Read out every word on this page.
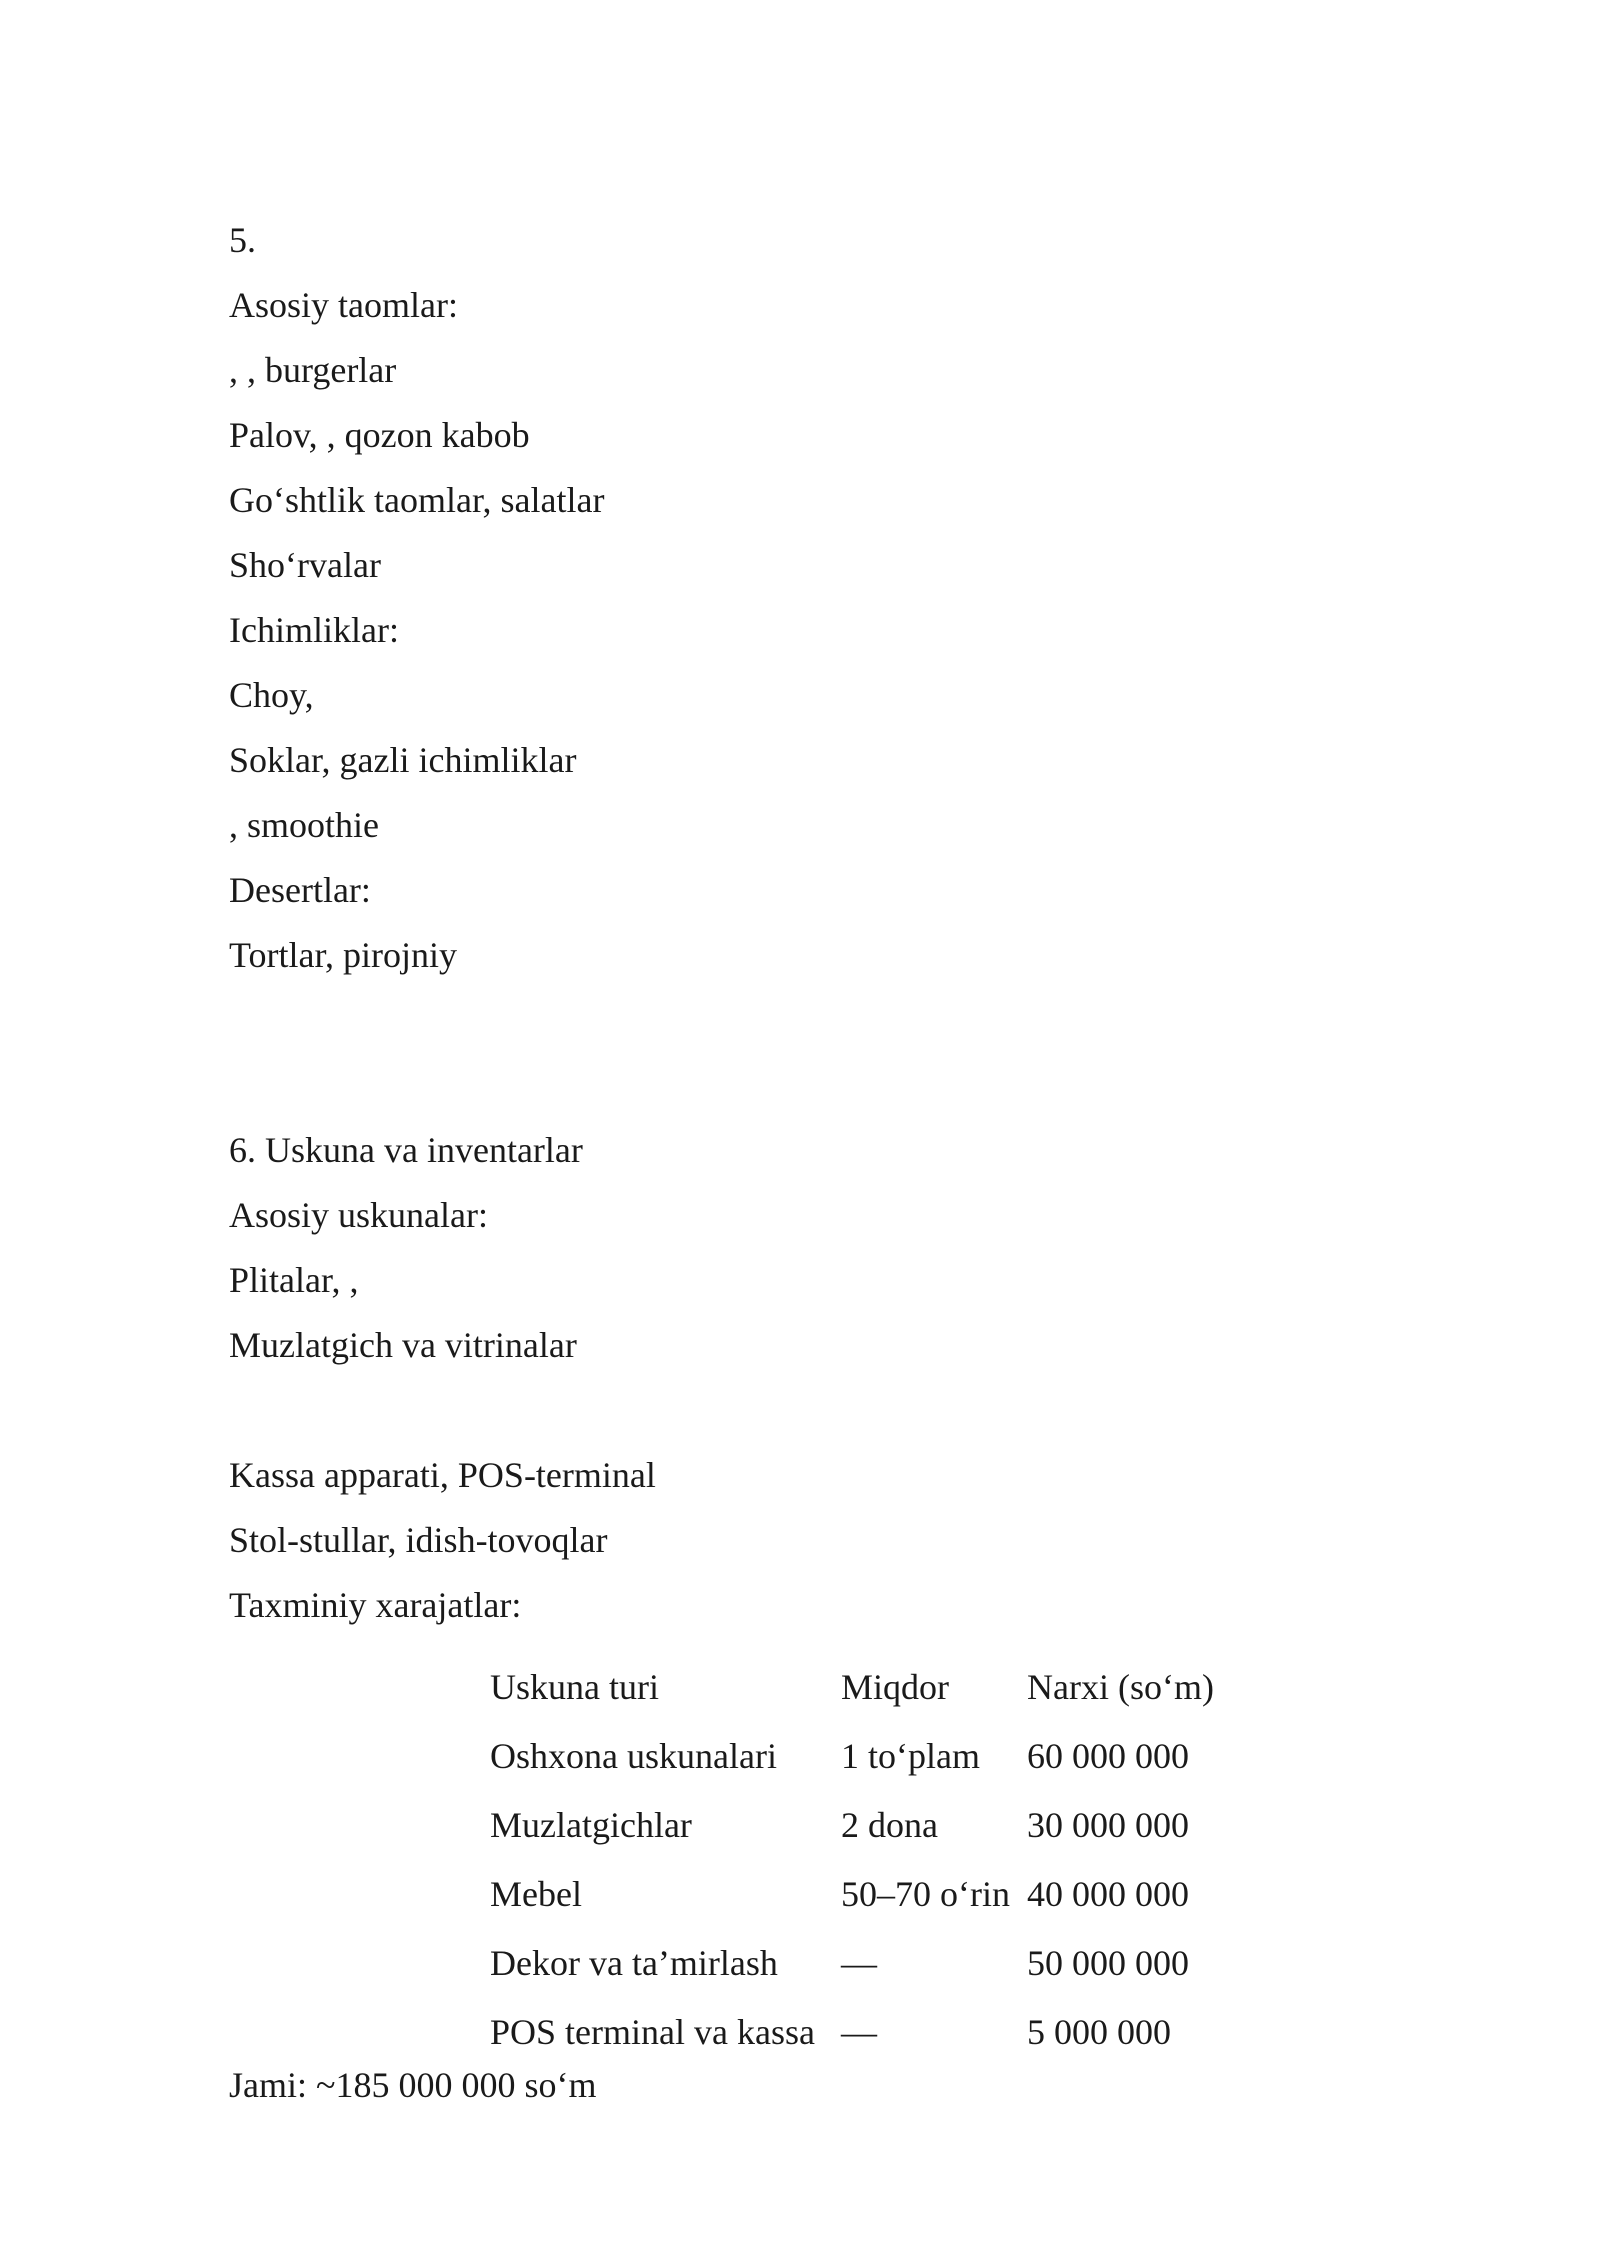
5.
Asosiy taomlar:
, , burgerlar
Palov, , qozon kabob
Go‘shtlik taomlar, salatlar
Sho‘rvalar
Ichimliklar:
Choy,
Soklar, gazli ichimliklar
, smoothie
Desertlar:
Tortlar, pirojniy
6. Uskuna va inventarlar
Asosiy uskunalar:
Plitalar, ,
Muzlatgich va vitrinalar
Kassa apparati, POS-terminal
Stol-stullar, idish-tovoqlar
Taxminiy xarajatlar:
Uskuna turi	Miqdor	Narxi (so‘m)
Oshxona uskunalari	1 to‘plam	60 000 000
Muzlatgichlar	2 dona	30 000 000
Mebel	50–70 o‘rin	40 000 000
Dekor va ta’mirlash	—	50 000 000
POS terminal va kassa	—	5 000 000
Jami: ~185 000 000 so‘m
